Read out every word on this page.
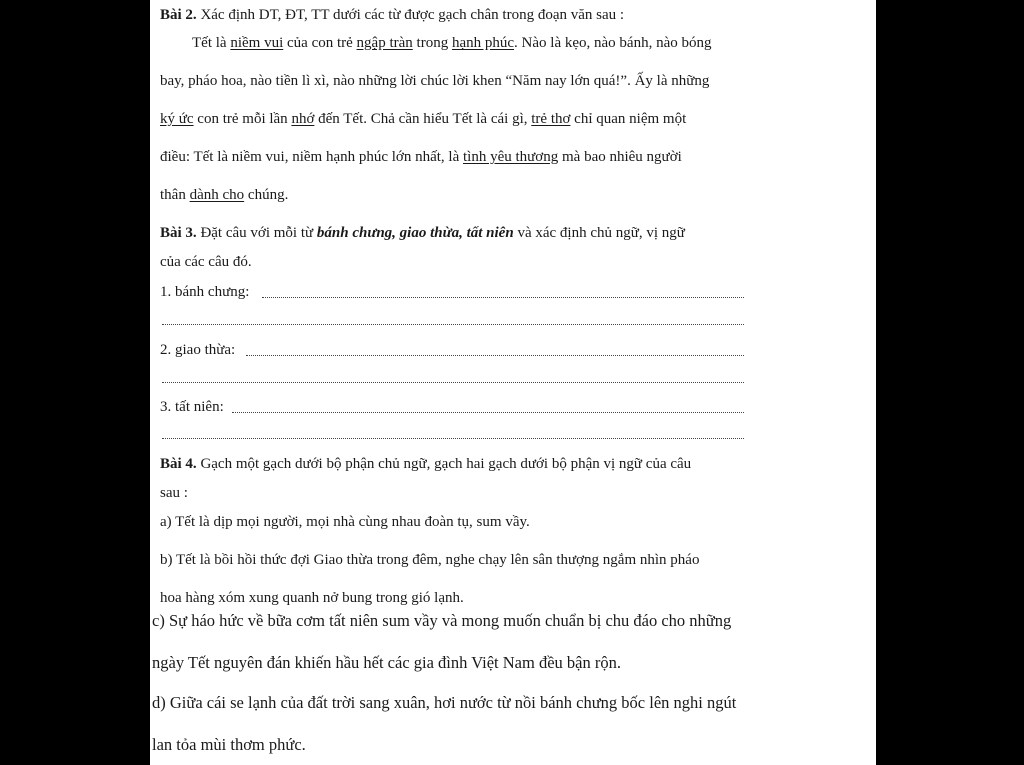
Bài 2. Xác định DT, ĐT, TT dưới các từ được gạch chân trong đoạn văn sau :
Tết là niềm vui của con trẻ ngập tràn trong hạnh phúc. Nào là kẹo, nào bánh, nào bóng
bay, pháo hoa, nào tiền lì xì, nào những lời chúc lời khen “Năm nay lớn quá!”. Ấy là những
ký ức con trẻ mỗi lần nhớ đến Tết. Chả cần hiểu Tết là cái gì, trẻ thơ chỉ quan niệm một
điều: Tết là niềm vui, niềm hạnh phúc lớn nhất, là tình yêu thương mà bao nhiêu người
thân dành cho chúng.
Bài 3. Đặt câu với mỗi từ bánh chưng, giao thừa, tất niên và xác định chủ ngữ, vị ngữ
của các câu đó.
1. bánh chưng:
2. giao thừa:
3. tất niên:
Bài 4. Gạch một gạch dưới bộ phận chủ ngữ, gạch hai gạch dưới bộ phận vị ngữ của câu
sau :
a) Tết là dịp mọi người, mọi nhà cùng nhau đoàn tụ, sum vầy.
b) Tết là bồi hồi thức đợi Giao thừa trong đêm, nghe chạy lên sân thượng ngắm nhìn pháo
hoa hàng xóm xung quanh nở bung trong gió lạnh.
c) Sự háo hức về bữa cơm tất niên sum vầy và mong muốn chuẩn bị chu đáo cho những
ngày Tết nguyên đán khiến hầu hết các gia đình Việt Nam đều bận rộn.
d) Giữa cái se lạnh của đất trời sang xuân, hơi nước từ nồi bánh chưng bốc lên nghi ngút
lan tỏa mùi thơm phức.
